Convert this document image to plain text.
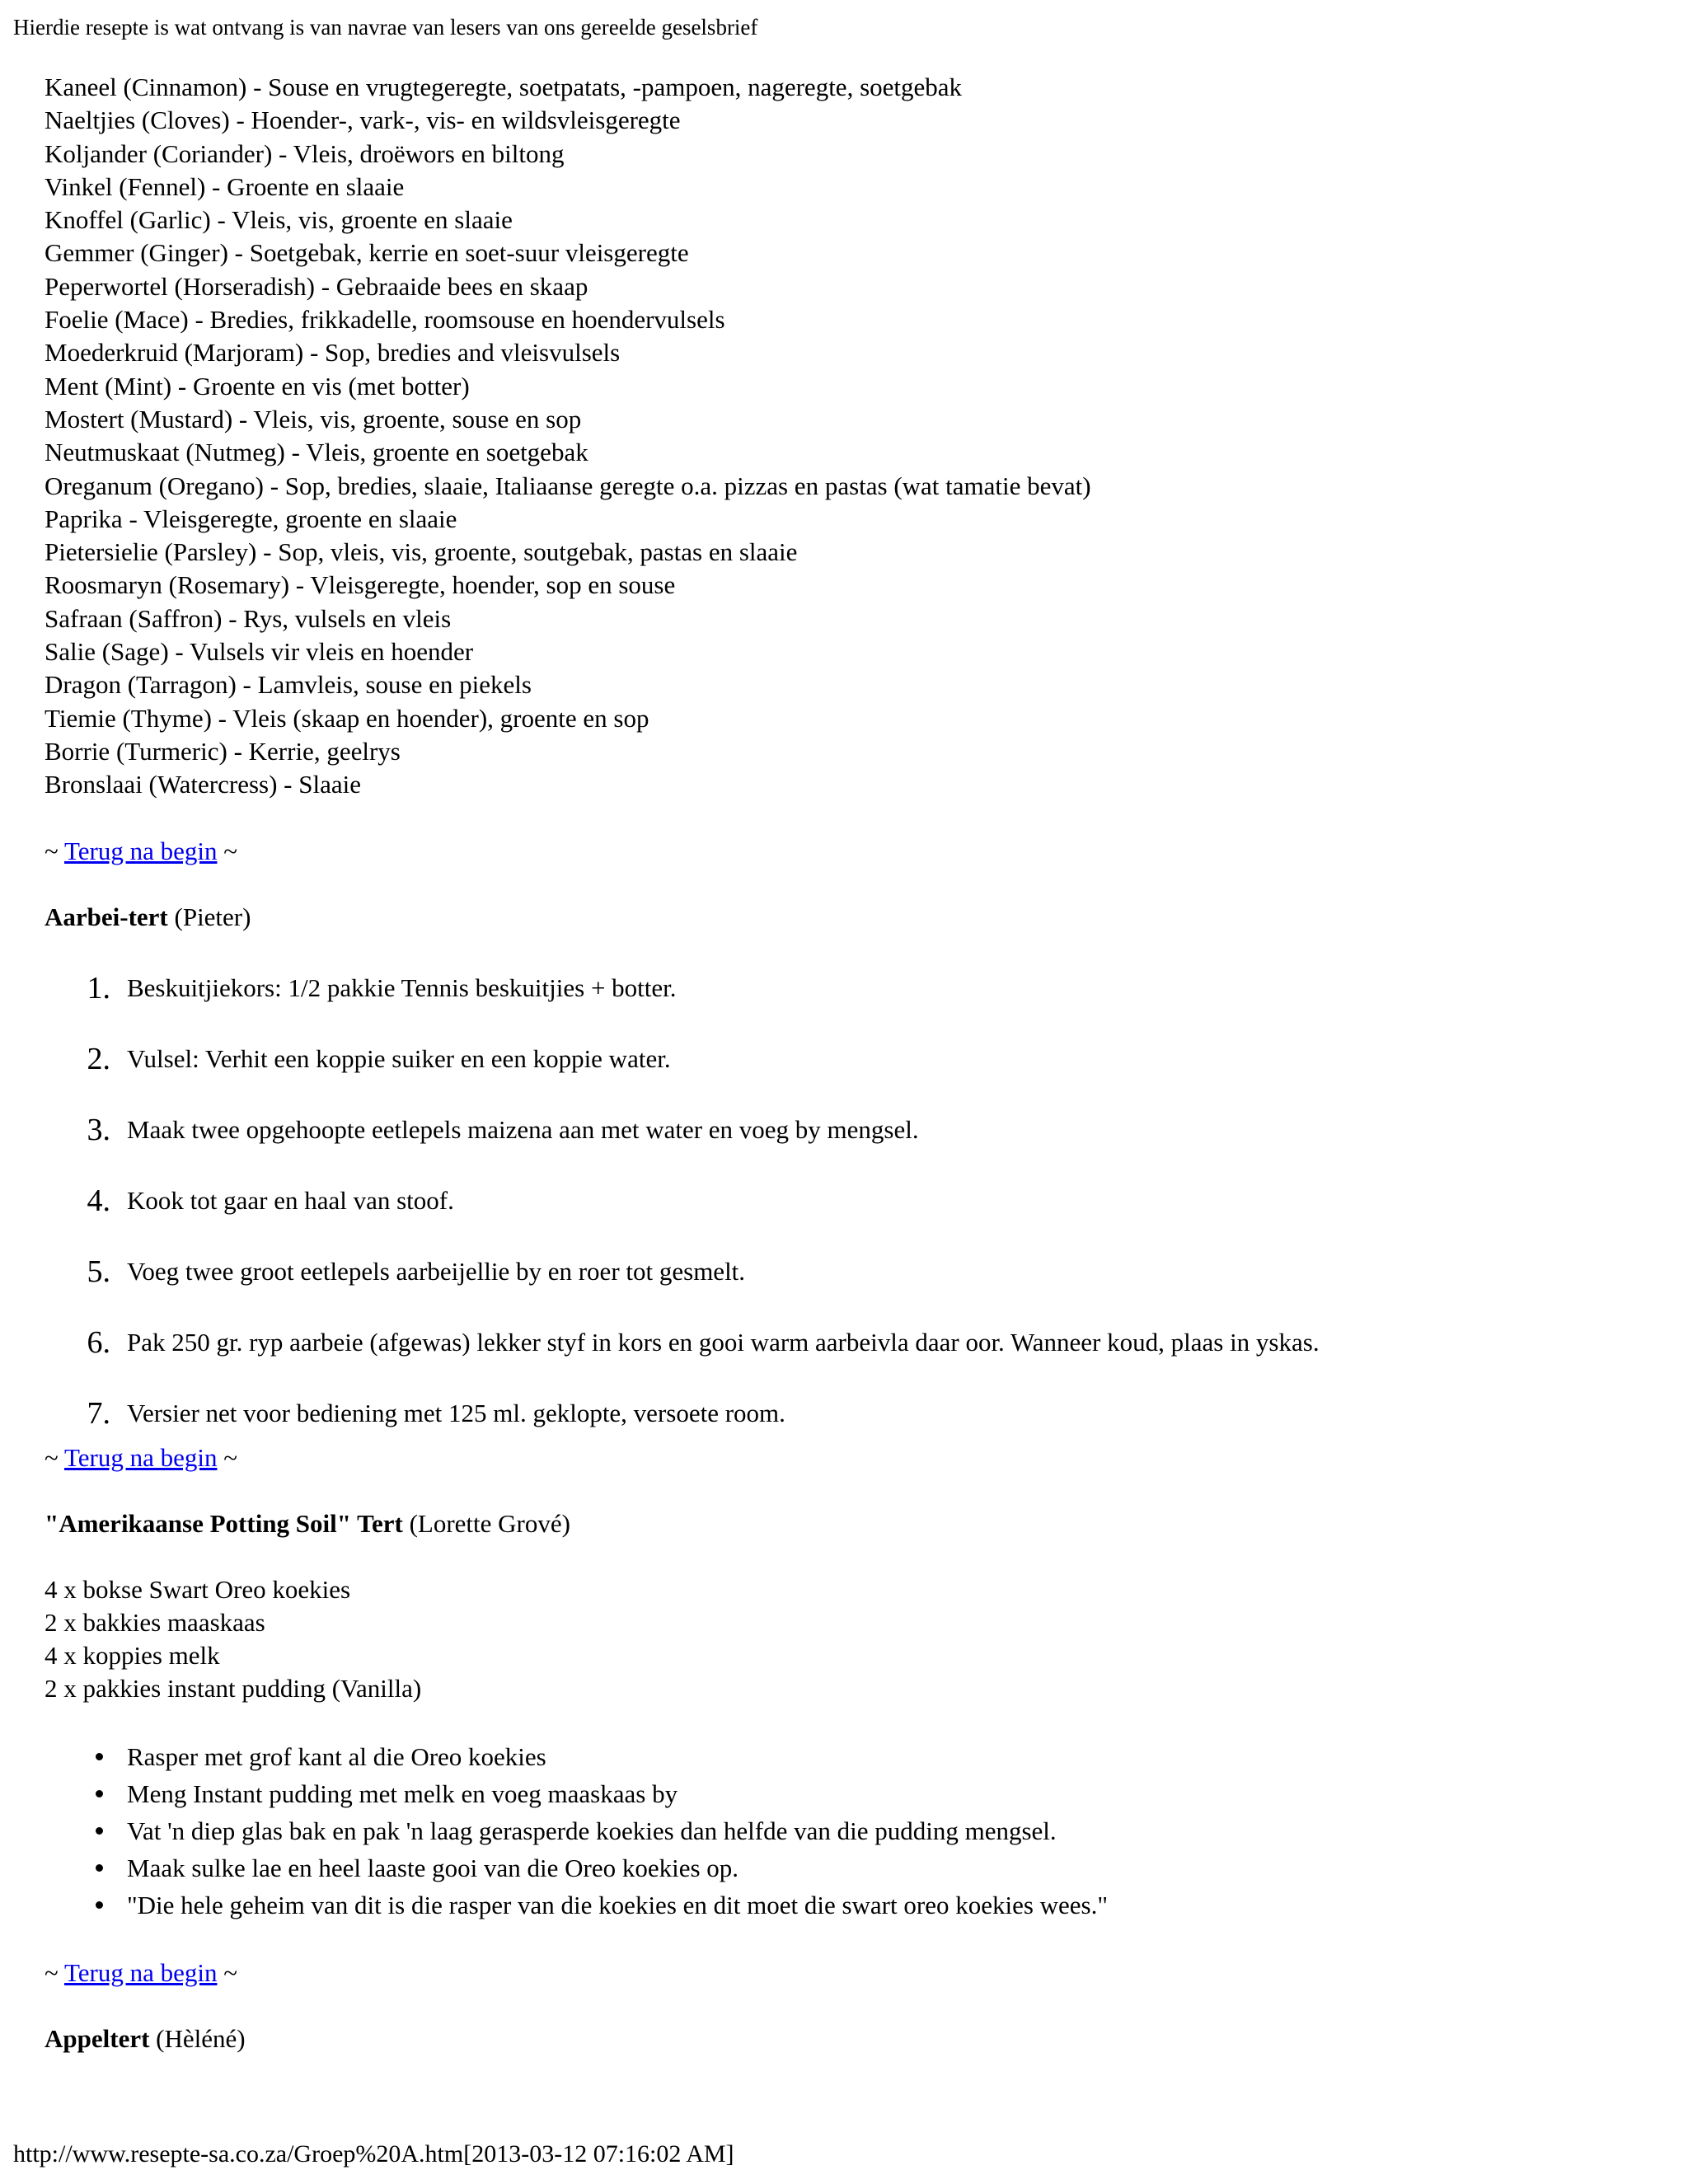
Hierdie resepte is wat ontvang is van navrae van lesers van ons gereelde geselsbrief
Kaneel (Cinnamon) - Souse en vrugtegeregte, soetpatats, -pampoen, nageregte, soetgebak
Naeltjies (Cloves) - Hoender-, vark-, vis- en wildsvleisgeregte
Koljander (Coriander) - Vleis, droëwors en biltong
Vinkel (Fennel) - Groente en slaaie
Knoffel (Garlic) - Vleis, vis, groente en slaaie
Gemmer (Ginger) - Soetgebak, kerrie en soet-suur vleisgeregte
Peperwortel (Horseradish) - Gebraaide bees en skaap
Foelie (Mace) - Bredies, frikkadelle, roomsouse en hoendervulsels
Moederkruid (Marjoram) - Sop, bredies and vleisvulsels
Ment (Mint) - Groente en vis (met botter)
Mostert (Mustard) - Vleis, vis, groente, souse en sop
Neutmuskaat (Nutmeg) - Vleis, groente en soetgebak
Oreganum (Oregano) - Sop, bredies, slaaie, Italiaanse geregte o.a. pizzas en pastas (wat tamatie bevat)
Paprika - Vleisgeregte, groente en slaaie
Pietersielie (Parsley) - Sop, vleis, vis, groente, soutgebak, pastas en slaaie
Roosmaryn (Rosemary) - Vleisgeregte, hoender, sop en souse
Safraan (Saffron) - Rys, vulsels en vleis
Salie (Sage) - Vulsels vir vleis en hoender
Dragon (Tarragon) - Lamvleis, souse en piekels
Tiemie (Thyme) - Vleis (skaap en hoender), groente en sop
Borrie (Turmeric) - Kerrie, geelrys
Bronslaai (Watercress) - Slaaie
~ Terug na begin ~
Aarbei-tert (Pieter)
1. Beskuitjiekors: 1/2 pakkie Tennis beskuitjies + botter.
2. Vulsel: Verhit een koppie suiker en een koppie water.
3. Maak twee opgehoopte eetlepels maizena aan met water en voeg by mengsel.
4. Kook tot gaar en haal van stoof.
5. Voeg twee groot eetlepels aarbeijellie by en roer tot gesmelt.
6. Pak 250 gr. ryp aarbeie (afgewas) lekker styf in kors en gooi warm aarbeivla daar oor. Wanneer koud, plaas in yskas.
7. Versier net voor bediening met 125 ml. geklopte, versoete room.
~ Terug na begin ~
"Amerikaanse Potting Soil" Tert (Lorette Grové)
4 x bokse Swart Oreo koekies
2 x bakkies maaskaas
4 x koppies melk
2 x pakkies instant pudding (Vanilla)
Rasper met grof kant al die Oreo koekies
Meng Instant pudding met melk en voeg maaskaas by
Vat 'n diep glas bak en pak 'n laag gerasperde koekies dan helfde van die pudding mengsel.
Maak sulke lae en heel laaste gooi van die Oreo koekies op.
"Die hele geheim van dit is die rasper van die koekies en dit moet die swart oreo koekies wees."
~ Terug na begin ~
Appeltert (Hèléné)
http://www.resepte-sa.co.za/Groep%20A.htm[2013-03-12 07:16:02 AM]
